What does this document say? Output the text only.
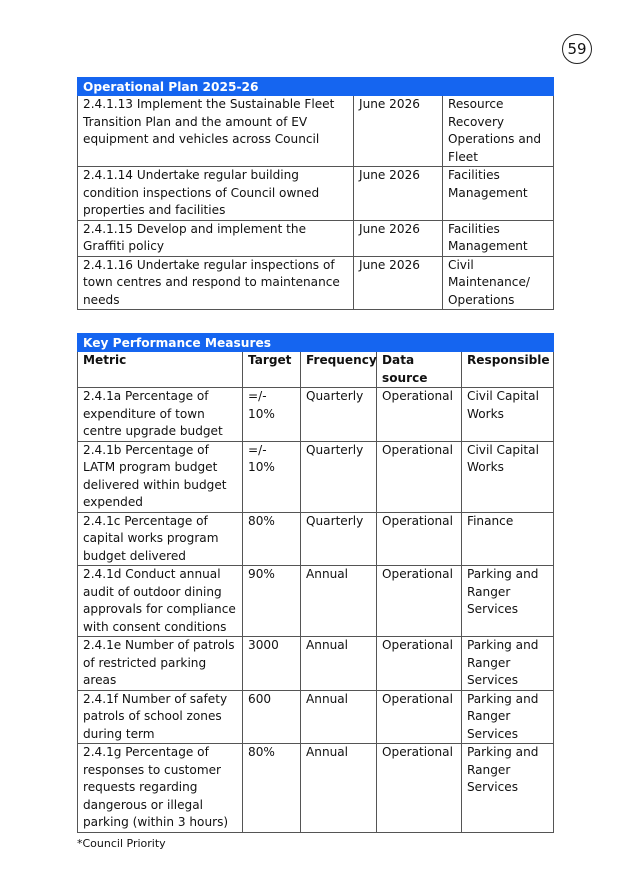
59
Operational Plan 2025-26		
2.4.1.13 Implement the Sustainable Fleet Transition Plan and the amount of EV equipment and vehicles across Council	June 2026	Resource Recovery Operations and Fleet
2.4.1.14 Undertake regular building condition inspections of Council owned properties and facilities	June 2026	Facilities Management
2.4.1.15 Develop and implement the Graffiti policy	June 2026	Facilities Management
2.4.1.16 Undertake regular inspections of town centres and respond to maintenance needs	June 2026	Civil Maintenance/ Operations
Key Performance Measures				
Metric	Target	Frequency	Data source	Responsible
2.4.1a Percentage of expenditure of town centre upgrade budget	=/- 10%	Quarterly	Operational	Civil Capital Works
2.4.1b Percentage of LATM program budget delivered within budget expended	=/- 10%	Quarterly	Operational	Civil Capital Works
2.4.1c Percentage of capital works program budget delivered	80%	Quarterly	Operational	Finance
2.4.1d Conduct annual audit of outdoor dining approvals for compliance with consent conditions	90%	Annual	Operational	Parking and Ranger Services
2.4.1e Number of patrols of restricted parking areas	3000	Annual	Operational	Parking and Ranger Services
2.4.1f Number of safety patrols of school zones during term	600	Annual	Operational	Parking and Ranger Services
2.4.1g Percentage of responses to customer requests regarding dangerous or illegal parking (within 3 hours)	80%	Annual	Operational	Parking and Ranger Services
*Council Priority
